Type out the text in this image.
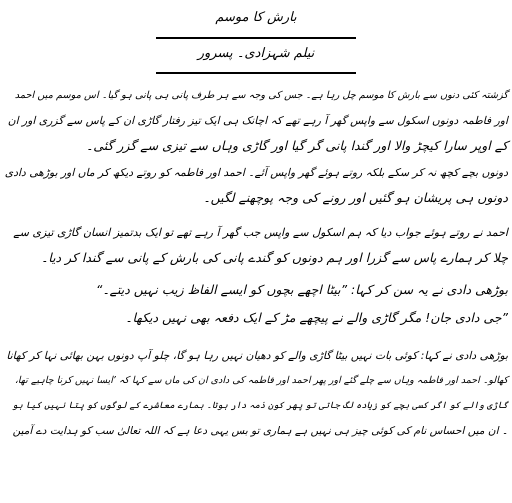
بارش کا موسم
نیلم شہزادی۔ پسرور
گزشتہ کئی دنوں سے بارش کا موسم چل رہا ہے۔ جس کی وجہ سے ہر طرف پانی ہی پانی ہو گیا۔ اس موسم میں احمد
اور فاطمہ دونوں اسکول سے واپس گھر آ رہے تھے کہ اچانک ہی ایک تیز رفتار گاڑی ان کے پاس سے گزری اور ان
کے اوپر سارا کیچڑ والا اور گندا پانی گر گیا اور گاڑی وہاں سے تیزی سے گزر گئی۔
دونوں بچے کچھ نہ کر سکے بلکہ روتے ہوئے گھر واپس آئے۔ احمد اور فاطمہ کو روتے دیکھ کر ماں اور بوڑھی دادی
دونوں ہی پریشان ہو گئیں اور رونے کی وجہ پوچھنے لگیں۔
احمد نے روتے ہوئے جواب دیا کہ ہم اسکول سے واپس جب گھر آ رہے تھے تو ایک بدتمیز انسان گاڑی تیزی سے
چلا کر ہمارے پاس سے گزرا اور ہم دونوں کو گندے پانی کی بارش کے پانی سے گندا کر دیا۔
بوڑھی دادی نے یہ سن کر کہا: ”بیٹا اچھے بچوں کو ایسے الفاظ زیب نہیں دیتے۔“
”جی دادی جان! مگر گاڑی والے نے پیچھے مڑ کے ایک دفعہ بھی نہیں دیکھا۔
بوڑھی دادی نے کہا: کوئی بات نہیں بیٹا گاڑی والے کو دھیان نہیں رہا ہو گا، چلو آپ دونوں بہن بھائی نہا کر کھانا
کھالو۔ احمد اور فاطمہ وہاں سے چلے گئے اور پھر احمد اور فاطمہ کی دادی ان کی ماں سے کہا کہ ’ایسا نہیں کرنا چاہیے تھا،
گاڑی والے کو اگر کسی بچے کو زیادہ لگ جاتی تو پھر کون ذمہ دار ہوتا۔ ہمارے معاشرے کے لوگوں کو پتا نہیں کیا ہو
۔ ان میں احساس نام کی کوئی چیز ہی نہیں ہے ہماری تو بس یہی دعا ہے کہ اللہ تعالیٰ سب کو ہدایت دے آمین
